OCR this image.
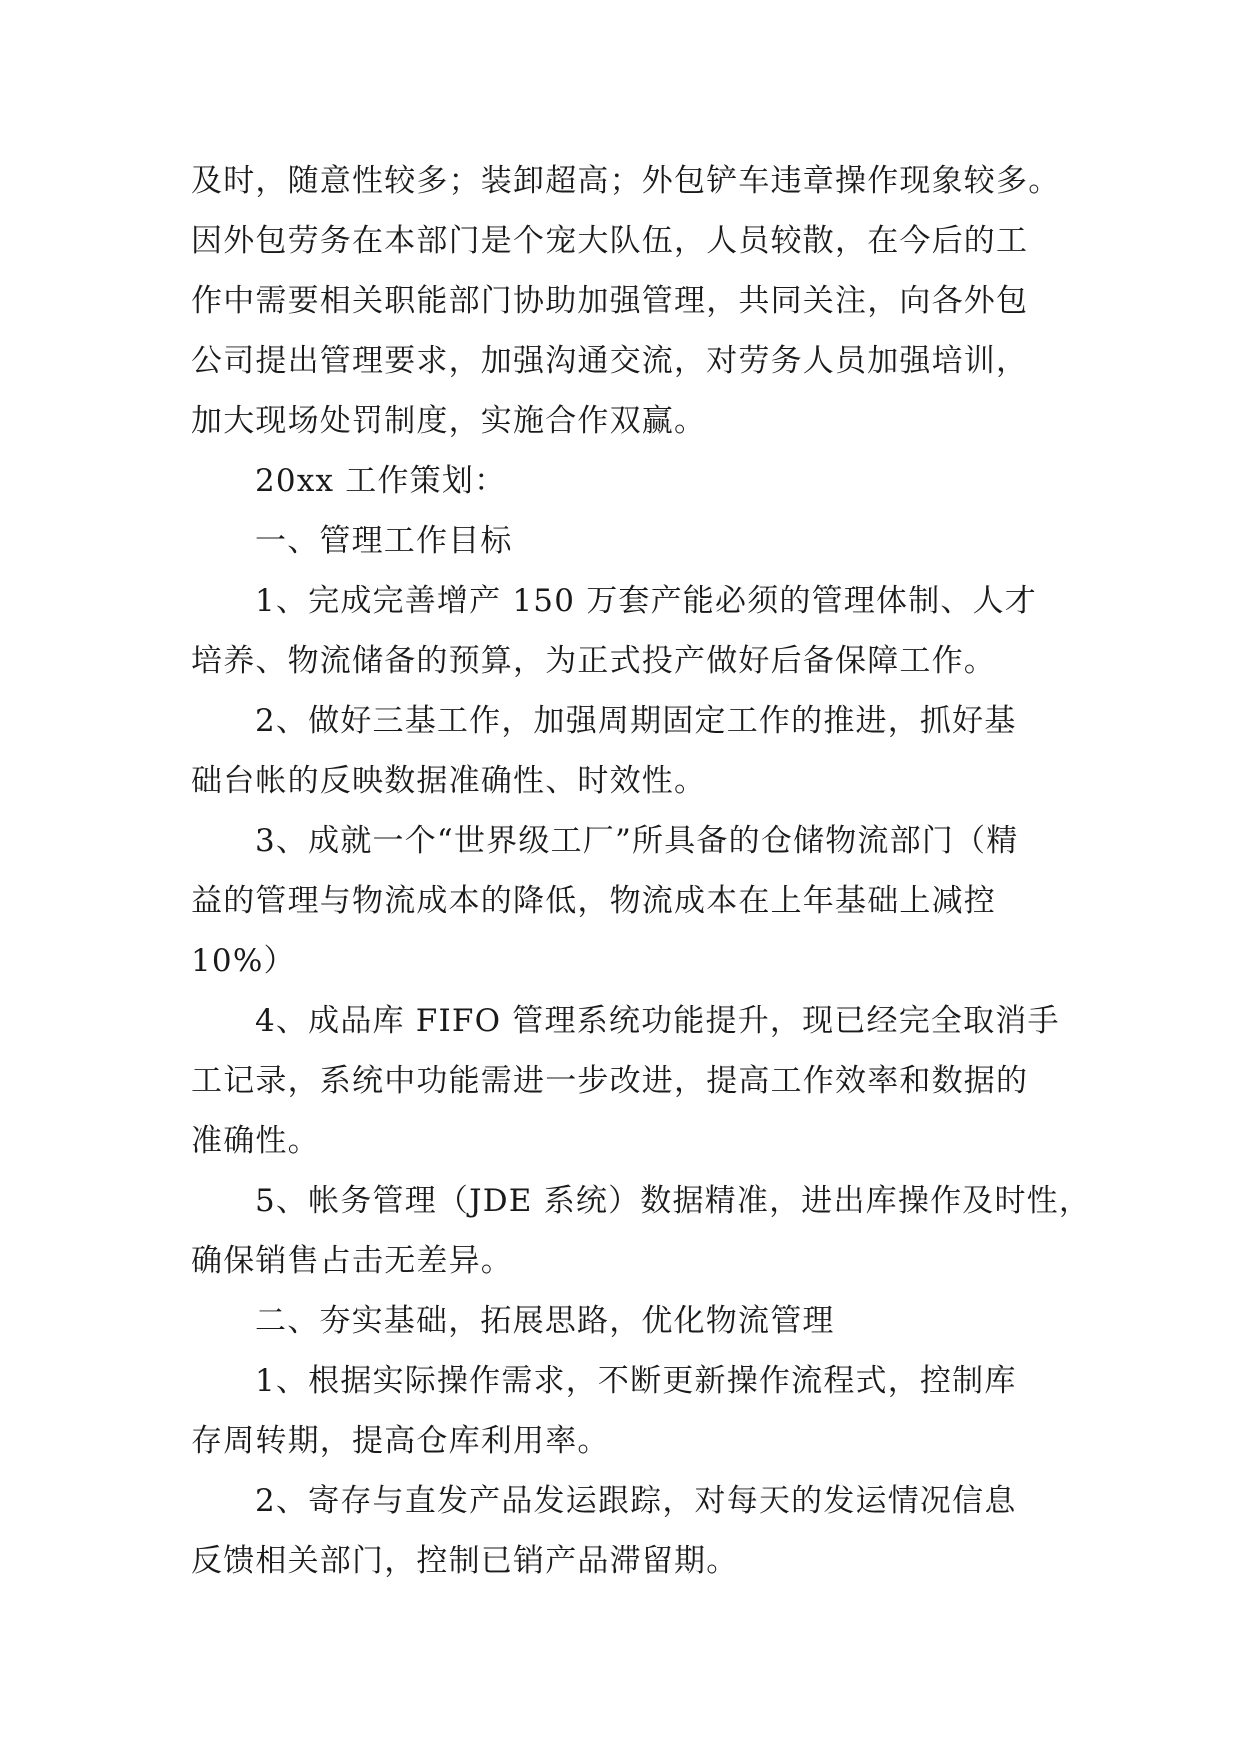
及时，随意性较多；装卸超高；外包铲车违章操作现象较多。
因外包劳务在本部门是个宠大队伍，人员较散，在今后的工
作中需要相关职能部门协助加强管理，共同关注，向各外包
公司提出管理要求，加强沟通交流，对劳务人员加强培训，
加大现场处罚制度，实施合作双赢。
20xx 工作策划：
一、管理工作目标
1、完成完善增产 150 万套产能必须的管理体制、人才
培养、物流储备的预算，为正式投产做好后备保障工作。
2、做好三基工作，加强周期固定工作的推进，抓好基
础台帐的反映数据准确性、时效性。
3、成就一个“世界级工厂”所具备的仓储物流部门（精
益的管理与物流成本的降低，物流成本在上年基础上减控
10%）
4、成品库 FIFO 管理系统功能提升，现已经完全取消手
工记录，系统中功能需进一步改进，提高工作效率和数据的
准确性。
5、帐务管理（JDE 系统）数据精准，进出库操作及时性，
确保销售占击无差异。
二、夯实基础，拓展思路，优化物流管理
1、根据实际操作需求，不断更新操作流程式，控制库
存周转期，提高仓库利用率。
2、寄存与直发产品发运跟踪，对每天的发运情况信息
反馈相关部门，控制已销产品滞留期。
